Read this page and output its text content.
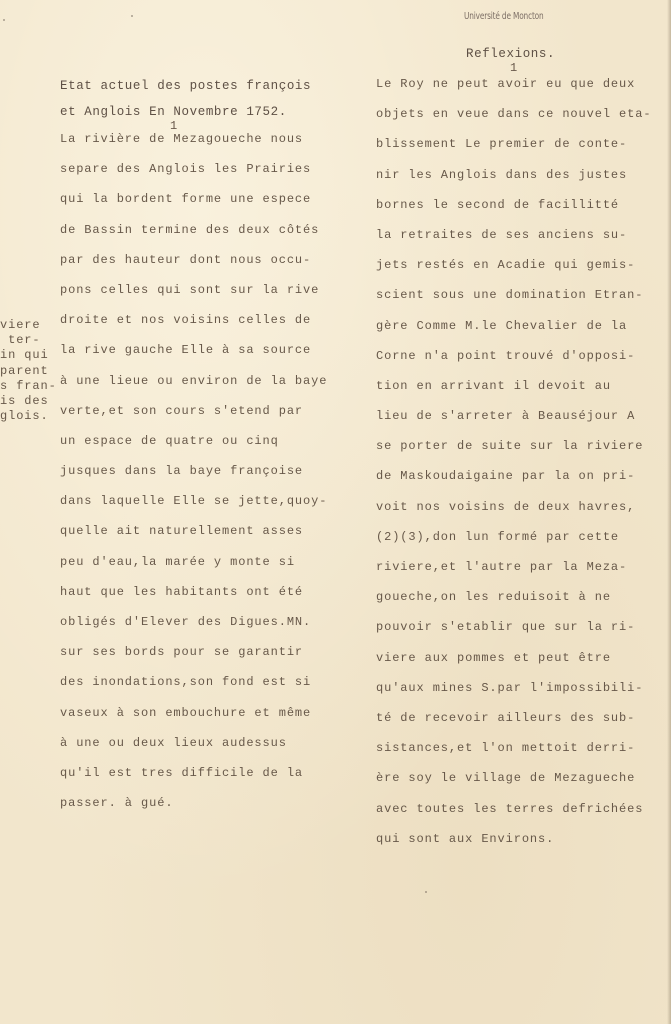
Université de Moncton
Etat actuel des postes françois
et Anglois En Novembre 1752.
1
Reflexions.
1
La rivière de Mezagoueche nous
separe des Anglois les Prairies
qui la bordent forme une espece
de Bassin termine des deux côtés
par des hauteur dont nous occu-
pons celles qui sont sur la rive
droite et nos voisins celles de
la rive gauche Elle à sa source
à une lieue ou environ de la baye
verte,et son cours s'etend par
un espace de quatre ou cinq
jusques dans la baye françoise
dans laquelle Elle se jette,quoy-
quelle ait naturellement asses
peu d'eau,la marée y monte si
haut que les habitants ont été
obligés d'Elever des Digues.MN.
sur ses bords pour se garantir
des inondations,son fond est si
vaseux à son embouchure et même
à une ou deux lieux audessus
qu'il est tres difficile de la
passer. à gué.
viere
ter-
in qui
parent
s fran-
is des
glois.
Le Roy ne peut avoir eu que deux
objets en veue dans ce nouvel eta-
blissement Le premier de conte-
nir les Anglois dans des justes
bornes le second de facillitté
la retraites de ses anciens su-
jets restés en Acadie qui gemis-
scient sous une domination Etran-
gère Comme M.le Chevalier de la
Corne n'a point trouvé d'opposi-
tion en arrivant il devoit au
lieu de s'arreter à Beauséjour A
se porter de suite sur la riviere
de Maskoudaigaine par la on pri-
voit nos voisins de deux havres,
(2)(3),don lun formé par cette
riviere,et l'autre par la Meza-
goueche,on les reduisoit à ne
pouvoir s'etablir que sur la ri-
viere aux pommes et peut être
qu'aux mines S.par l'impossibili-
té de recevoir ailleurs des sub-
sistances,et l'on mettoit derri-
ère soy le village de Mezagueche
avec toutes les terres defrichées
qui sont aux Environs.
